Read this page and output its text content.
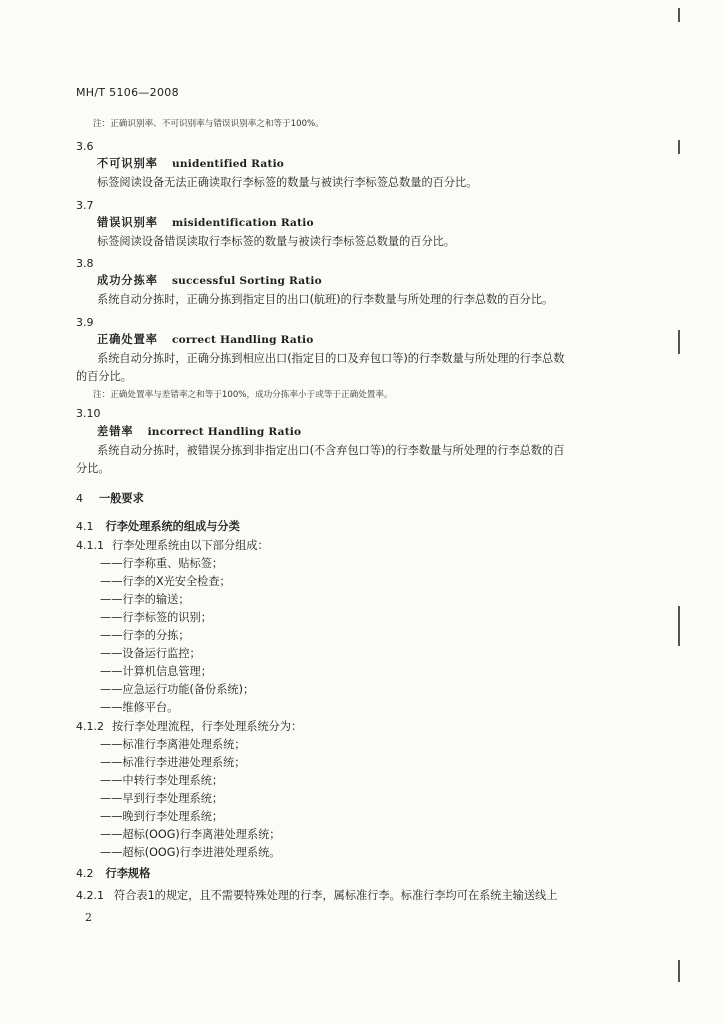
MH/T 5106—2008
注：正确识别率、不可识别率与错误识别率之和等于100%。
3.6
不可识别率 unidentified Ratio
标签阅读设备无法正确读取行李标签的数量与被读行李标签总数量的百分比。
3.7
错误识别率 misidentification Ratio
标签阅读设备错误读取行李标签的数量与被读行李标签总数量的百分比。
3.8
成功分拣率 successful Sorting Ratio
系统自动分拣时，正确分拣到指定目的出口(航班)的行李数量与所处理的行李总数的百分比。
3.9
正确处置率 correct Handling Ratio
系统自动分拣时，正确分拣到相应出口(指定目的口及弃包口等)的行李数量与所处理的行李总数
的百分比。
注：正确处置率与差错率之和等于100%，成功分拣率小于或等于正确处置率。
3.10
差错率 incorrect Handling Ratio
系统自动分拣时，被错误分拣到非指定出口(不含弃包口等)的行李数量与所处理的行李总数的百
分比。
4 一般要求
4.1 行李处理系统的组成与分类
4.1.1 行李处理系统由以下部分组成：
——行李称重、贴标签；
——行李的X光安全检查；
——行李的输送；
——行李标签的识别；
——行李的分拣；
——设备运行监控；
——计算机信息管理；
——应急运行功能(备份系统)；
——维修平台。
4.1.2 按行李处理流程，行李处理系统分为：
——标准行李离港处理系统；
——标准行李进港处理系统；
——中转行李处理系统；
——早到行李处理系统；
——晚到行李处理系统；
——超标(OOG)行李离港处理系统；
——超标(OOG)行李进港处理系统。
4.2 行李规格
4.2.1 符合表1的规定，且不需要特殊处理的行李，属标准行李。标准行李均可在系统主输送线上
2
